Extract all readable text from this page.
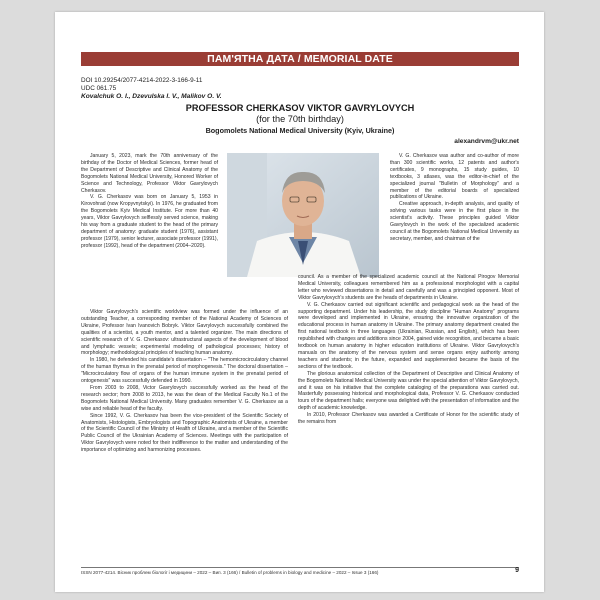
ПАМ'ЯТНА ДАТА / MEMORIAL DATE
DOI 10.29254/2077-4214-2022-3-166-9-11
UDC 061.75
Kovalchuk O. I., Dzevulska I. V., Malikov O. V.
PROFESSOR CHERKASOV VIKTOR GAVRYLOVYCH
(for the 70th birthday)
Bogomolets National Medical University (Kyiv, Ukraine)
alexandrvm@ukr.net

January 5, 2023, mark the 70th anniversary of the birthday of the Doctor of Medical Sciences, former head of the Department of Descriptive and Clinical Anatomy of the Bogomolets National Medical University, Honored Worker of Science and Technology, Professor Viktor Gavrylovych Cherkasov.

V. G. Cherkasov was born on January 5, 1953 in Kirovohrad (now Kropyvnytskyi). In 1976, he graduated from the Bogomolets Kyiv Medical Institute. For more than 40 years, Viktor Gavrylovych selflessly served science, making his way from a graduate student to the head of the primary department of anatomy: graduate student (1976), assistant professor (1979), senior lecturer, associate professor (1991), professor (1992), head of the department (2004–2020).

V. G. Cherkasov was author and co-author of more than 300 scientific works, 12 patents and author's certificates, 9 monographs, 15 study guides, 10 textbooks, 3 atlases, was the editor-in-chief of the specialized journal "Bulletin of Morphology" and a member of the editorial boards of specialized publications of Ukraine.

Creative approach, in-depth analysis, and quality of solving various tasks were in the first place in the scientist's activity. These principles guided Viktor Gavrylovych in the work of the specialized academic council at the Bogomolets National Medical University as secretary, member, and chairman of the

Viktor Gavrylovych's scientific worldview was formed under the influence of an outstanding Teacher, a corresponding member of the National Academy of Sciences of Ukraine, Professor Ivan Ivanovich Bobryk. Viktor Gavrylovych successfully combined the qualities of a scientist, a youth mentor, and a talented organizer. The main directions of scientific research of V. G. Cherkasov: ultrastructural aspects of the development of blood and lymphatic vessels; experimental modeling of pathological processes; history of morphology; methodological principles of teaching human anatomy.

In 1980, he defended his candidate's dissertation – "The hemomicrocirculatory channel of the human thymus in the prenatal period of morphogenesis." The doctoral dissertation – "Microcirculatory flow of organs of the human immune system in the prenatal period of ontogenesis" was successfully defended in 1990.

From 2003 to 2008, Victor Gavrylovych successfully worked as the head of the research sector; from 2008 to 2013, he was the dean of the Medical Faculty No.1 of the Bogomolets National Medical University. Many graduates remember V. G. Cherkasov as a wise and reliable head of the faculty.

Since 1992, V. G. Cherkasov has been the vice-president of the Scientific Society of Anatomists, Histologists, Embryologists and Topographic Anatomists of Ukraine, a member of the Scientific Council of the Ministry of Health of Ukraine, and a member of the Scientific Public Council of the Ukrainian Academy of Sciences. Meetings with the participation of Viktor Gavrylovych were noted for their indifference to the matter and understanding of the importance of optimizing and harmonizing processes.

council. As a member of the specialized academic council at the National Pirogov Memorial Medical University, colleagues remembered him as a professional morphologist with a capital letter who reviewed dissertations in detail and carefully and was a principled opponent. Most of Viktor Gavrylovych's students are the heads of departments in Ukraine.

V. G. Cherkasov carried out significant scientific and pedagogical work as the head of the supporting department. Under his leadership, the study discipline "Human Anatomy" programs were developed and implemented in Ukraine, ensuring the innovative organization of the educational process in human anatomy in Ukraine. The primary anatomy department created the first national textbook in three languages (Ukrainian, Russian, and English), which has been republished with changes and additions since 2004, gained wide recognition, and became a basic textbook on human anatomy in higher education institutions of Ukraine. Viktor Gavrylovych's manuals on the anatomy of the nervous system and sense organs enjoy authority among teachers and students; in the future, expanded and supplemented became the basis of the sections of the textbook.

The glorious anatomical collection of the Department of Descriptive and Clinical Anatomy of the Bogomolets National Medical University was under the special attention of Viktor Gavrylovych, and it was on his initiative that the complete cataloging of the preparations was carried out. Masterfully possessing historical and morphological data, Professor V. G. Cherkasov conducted tours of the department halls; everyone was delighted with the presentation of information and the depth of academic knowledge.

In 2010, Professor Cherkasov was awarded a Certificate of Honor for the scientific study of the remains from

ISSN 2077-4214. Вісник проблем біології і медицини – 2022 – Вип. 3 (166) / Bulletin of problems in biology and medicine – 2022 – Issue 3 (166)	9
